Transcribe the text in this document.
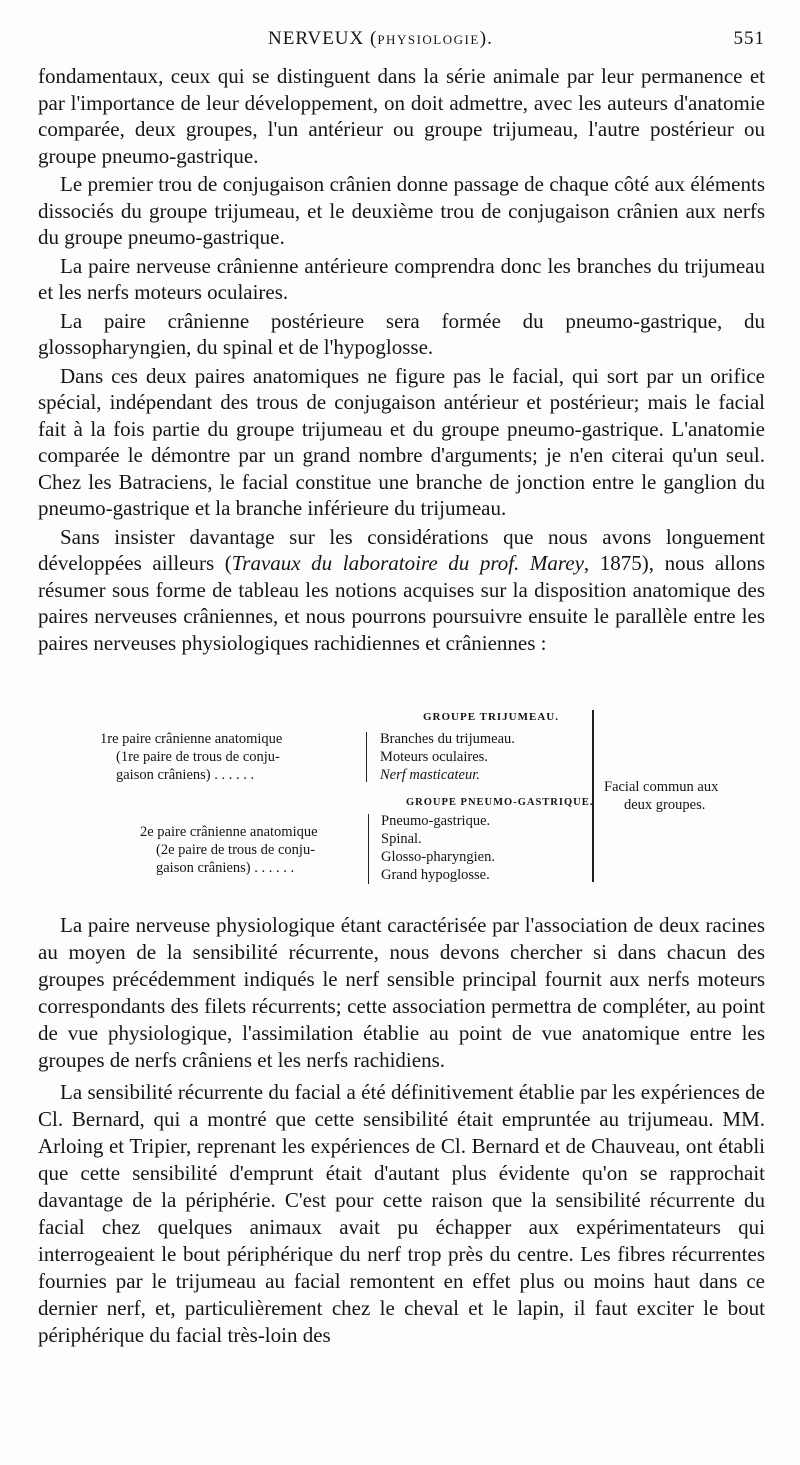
NERVEUX (PHYSIOLOGIE).	551

fondamentaux, ceux qui se distinguent dans la série animale par leur permanence et par l'importance de leur développement, on doit admettre, avec les auteurs d'anatomie comparée, deux groupes, l'un antérieur ou groupe trijumeau, l'autre postérieur ou groupe pneumo-gastrique.

Le premier trou de conjugaison crânien donne passage de chaque côté aux éléments dissociés du groupe trijumeau, et le deuxième trou de conjugaison crânien aux nerfs du groupe pneumo-gastrique.

La paire nerveuse crânienne antérieure comprendra donc les branches du trijumeau et les nerfs moteurs oculaires.

La paire crânienne postérieure sera formée du pneumo-gastrique, du glossopharyngien, du spinal et de l'hypoglosse.

Dans ces deux paires anatomiques ne figure pas le facial, qui sort par un orifice spécial, indépendant des trous de conjugaison antérieur et postérieur; mais le facial fait à la fois partie du groupe trijumeau et du groupe pneumo-gastrique. L'anatomie comparée le démontre par un grand nombre d'arguments; je n'en citerai qu'un seul. Chez les Batraciens, le facial constitue une branche de jonction entre le ganglion du pneumo-gastrique et la branche inférieure du trijumeau.

Sans insister davantage sur les considérations que nous avons longuement développées ailleurs (Travaux du laboratoire du prof. Marey, 1875), nous allons résumer sous forme de tableau les notions acquises sur la disposition anatomique des paires nerveuses crâniennes, et nous pourrons poursuivre ensuite le parallèle entre les paires nerveuses physiologiques rachidiennes et crâniennes :

GROUPE TRIJUMEAU.
1re paire crânienne anatomique
(1re paire de trous de conju-
gaison crâniens) . . . . . .
Branches du trijumeau.
Moteurs oculaires.
Nerf masticateur.
GROUPE PNEUMO-GASTRIQUE.
2e paire crânienne anatomique
(2e paire de trous de conju-
gaison crâniens) . . . . . .
Pneumo-gastrique.
Spinal.
Glosso-pharyngien.
Grand hypoglosse.
Facial commun aux
deux groupes.

La paire nerveuse physiologique étant caractérisée par l'association de deux racines au moyen de la sensibilité récurrente, nous devons chercher si dans chacun des groupes précédemment indiqués le nerf sensible principal fournit aux nerfs moteurs correspondants des filets récurrents; cette association permettra de compléter, au point de vue physiologique, l'assimilation établie au point de vue anatomique entre les groupes de nerfs crâniens et les nerfs rachidiens.

La sensibilité récurrente du facial a été définitivement établie par les expériences de Cl. Bernard, qui a montré que cette sensibilité était empruntée au trijumeau. MM. Arloing et Tripier, reprenant les expériences de Cl. Bernard et de Chauveau, ont établi que cette sensibilité d'emprunt était d'autant plus évidente qu'on se rapprochait davantage de la périphérie. C'est pour cette raison que la sensibilité récurrente du facial chez quelques animaux avait pu échapper aux expérimentateurs qui interrogeaient le bout périphérique du nerf trop près du centre. Les fibres récurrentes fournies par le trijumeau au facial remontent en effet plus ou moins haut dans ce dernier nerf, et, particulièrement chez le cheval et le lapin, il faut exciter le bout périphérique du facial très-loin des
